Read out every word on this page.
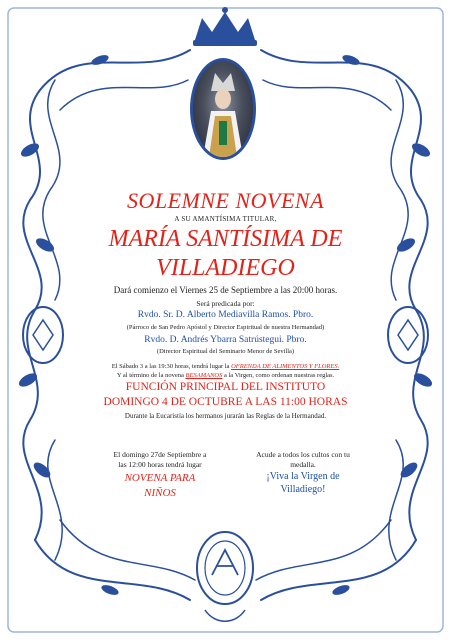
SOLEMNE NOVENA
A SU AMANTÍSIMA TITULAR,
MARÍA SANTÍSIMA DE
VILLADIEGO
Dará comienzo el Viernes 25 de Septiembre a las 20:00 horas.
Será predicada por:
Rvdo. Sr. D. Alberto Mediavilla Ramos. Pbro.
(Párroco de San Pedro Apóstol y Director Espiritual de nuestra Hermandad)
Rvdo. D. Andrés Ybarra Satrústegui. Pbro.
(Director Espiritual del Seminario Menor de Sevilla)
El Sábado 3 a las 19:30 horas, tendrá lugar la OFRENDA DE ALIMENTOS Y FLORES.
Y al término de la novena BESAMANOS a la Virgen, como ordenan nuestras reglas.
FUNCIÓN PRINCIPAL DEL INSTITUTO
DOMINGO 4 DE OCTUBRE A LAS 11:00 HORAS
Durante la Eucaristía los hermanos jurarán las Reglas de la Hermandad.
El domingo 27de Septiembre a
las 12:00 horas tendrá lugar
NOVENA PARA
NIÑOS
Acude a todos los cultos con tu
medalla.
¡Viva la Virgen de
Villadiego!
